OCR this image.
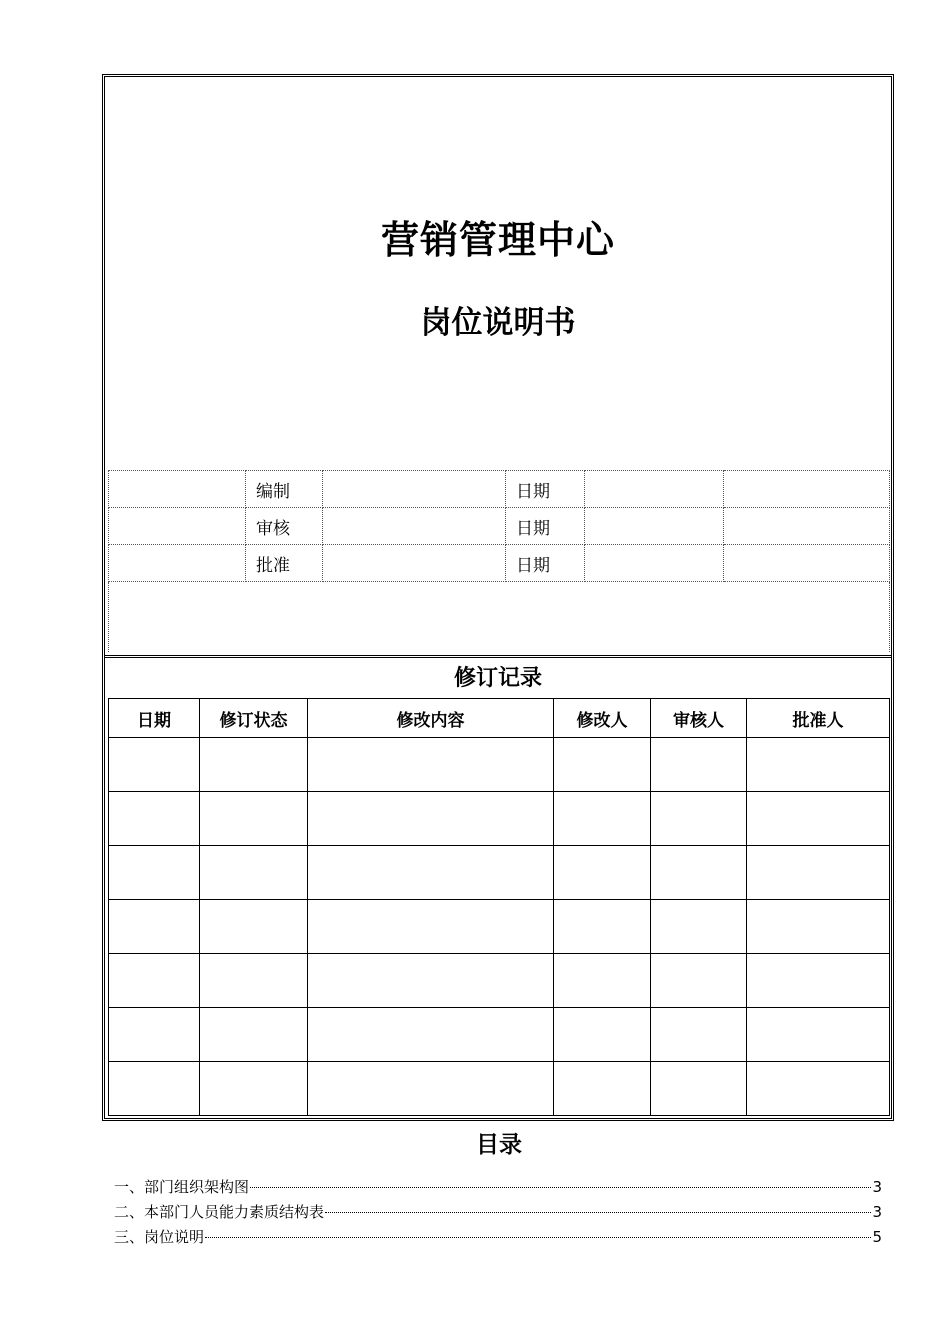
营销管理中心
岗位说明书
	编制		日期		
	审核		日期		
	批准		日期		

修订记录
日期	修订状态	修改内容	修改人	审核人	批准人

目录
一、部门组织架构图	3
二、本部门人员能力素质结构表	3
三、岗位说明	5
